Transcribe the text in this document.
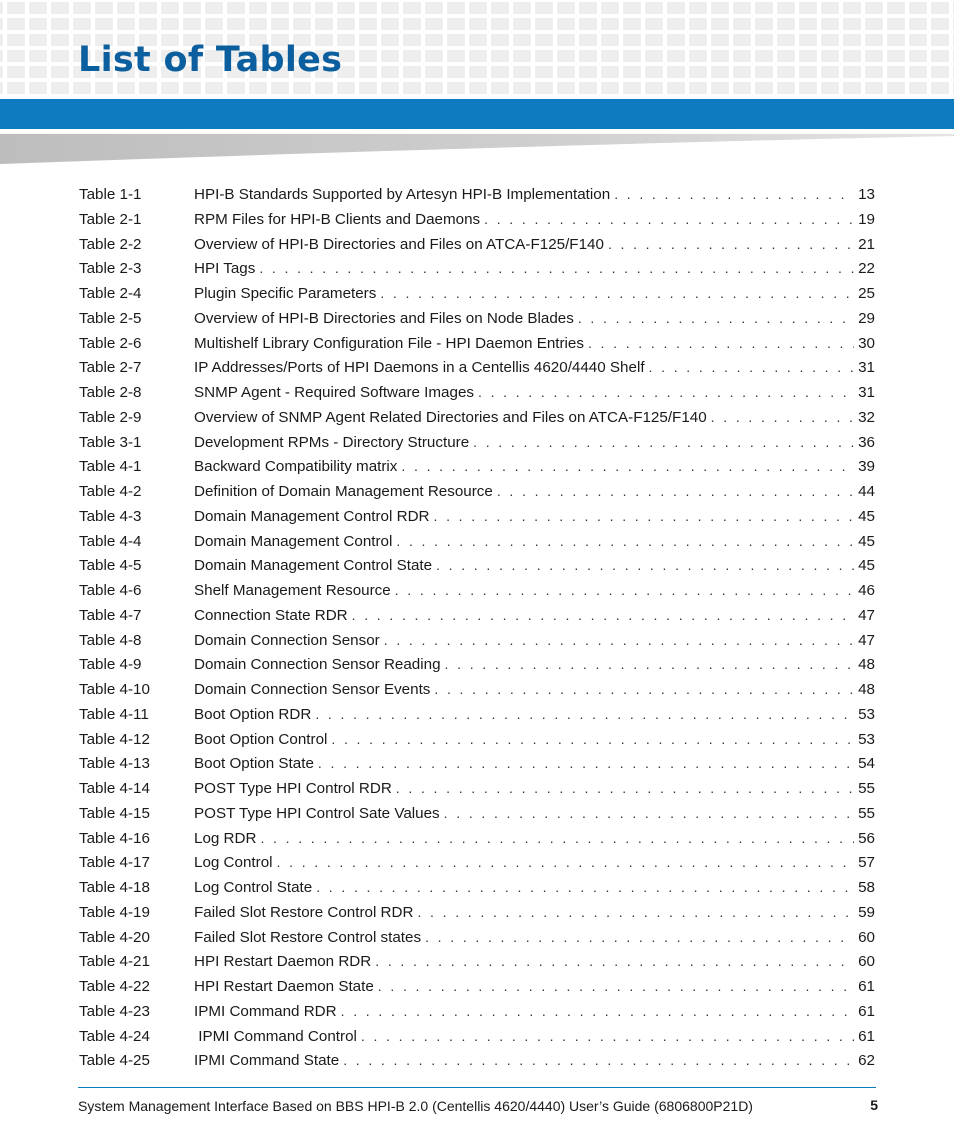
List of Tables
Table 1-1	HPI-B Standards Supported by Artesyn HPI-B Implementation . . .	13
Table 2-1	RPM Files for HPI-B Clients and Daemons . . .	19
Table 2-2	Overview of HPI-B Directories and Files on ATCA-F125/F140 . . .	21
Table 2-3	HPI Tags . . .	22
Table 2-4	Plugin Specific Parameters . . .	25
Table 2-5	Overview of HPI-B Directories and Files on Node Blades . . .	29
Table 2-6	Multishelf Library Configuration File - HPI Daemon Entries . . .	30
Table 2-7	IP Addresses/Ports of HPI Daemons in a Centellis 4620/4440 Shelf . . .	31
Table 2-8	SNMP Agent - Required Software Images . . .	31
Table 2-9	Overview of SNMP Agent Related Directories and Files on ATCA-F125/F140 . . .	32
Table 3-1	Development RPMs - Directory Structure . . .	36
Table 4-1	Backward Compatibility matrix . . .	39
Table 4-2	Definition of Domain Management Resource . . .	44
Table 4-3	Domain Management Control RDR . . .	45
Table 4-4	Domain Management Control . . .	45
Table 4-5	Domain Management Control State . . .	45
Table 4-6	Shelf Management Resource . . .	46
Table 4-7	Connection State RDR . . .	47
Table 4-8	Domain Connection Sensor . . .	47
Table 4-9	Domain Connection Sensor Reading . . .	48
Table 4-10	Domain Connection Sensor Events . . .	48
Table 4-11	Boot Option RDR . . .	53
Table 4-12	Boot Option Control . . .	53
Table 4-13	Boot Option State . . .	54
Table 4-14	POST Type HPI Control RDR . . .	55
Table 4-15	POST Type HPI Control Sate Values . . .	55
Table 4-16	Log RDR . . .	56
Table 4-17	Log Control . . .	57
Table 4-18	Log Control State . . .	58
Table 4-19	Failed Slot Restore Control RDR . . .	59
Table 4-20	Failed Slot Restore Control states . . .	60
Table 4-21	HPI Restart Daemon RDR . . .	60
Table 4-22	HPI Restart Daemon State . . .	61
Table 4-23	IPMI Command RDR . . .	61
Table 4-24	IPMI Command Control . . .	61
Table 4-25	IPMI Command State . . .	62
System Management Interface Based on BBS HPI-B 2.0 (Centellis 4620/4440) User’s Guide (6806800P21D)	5
